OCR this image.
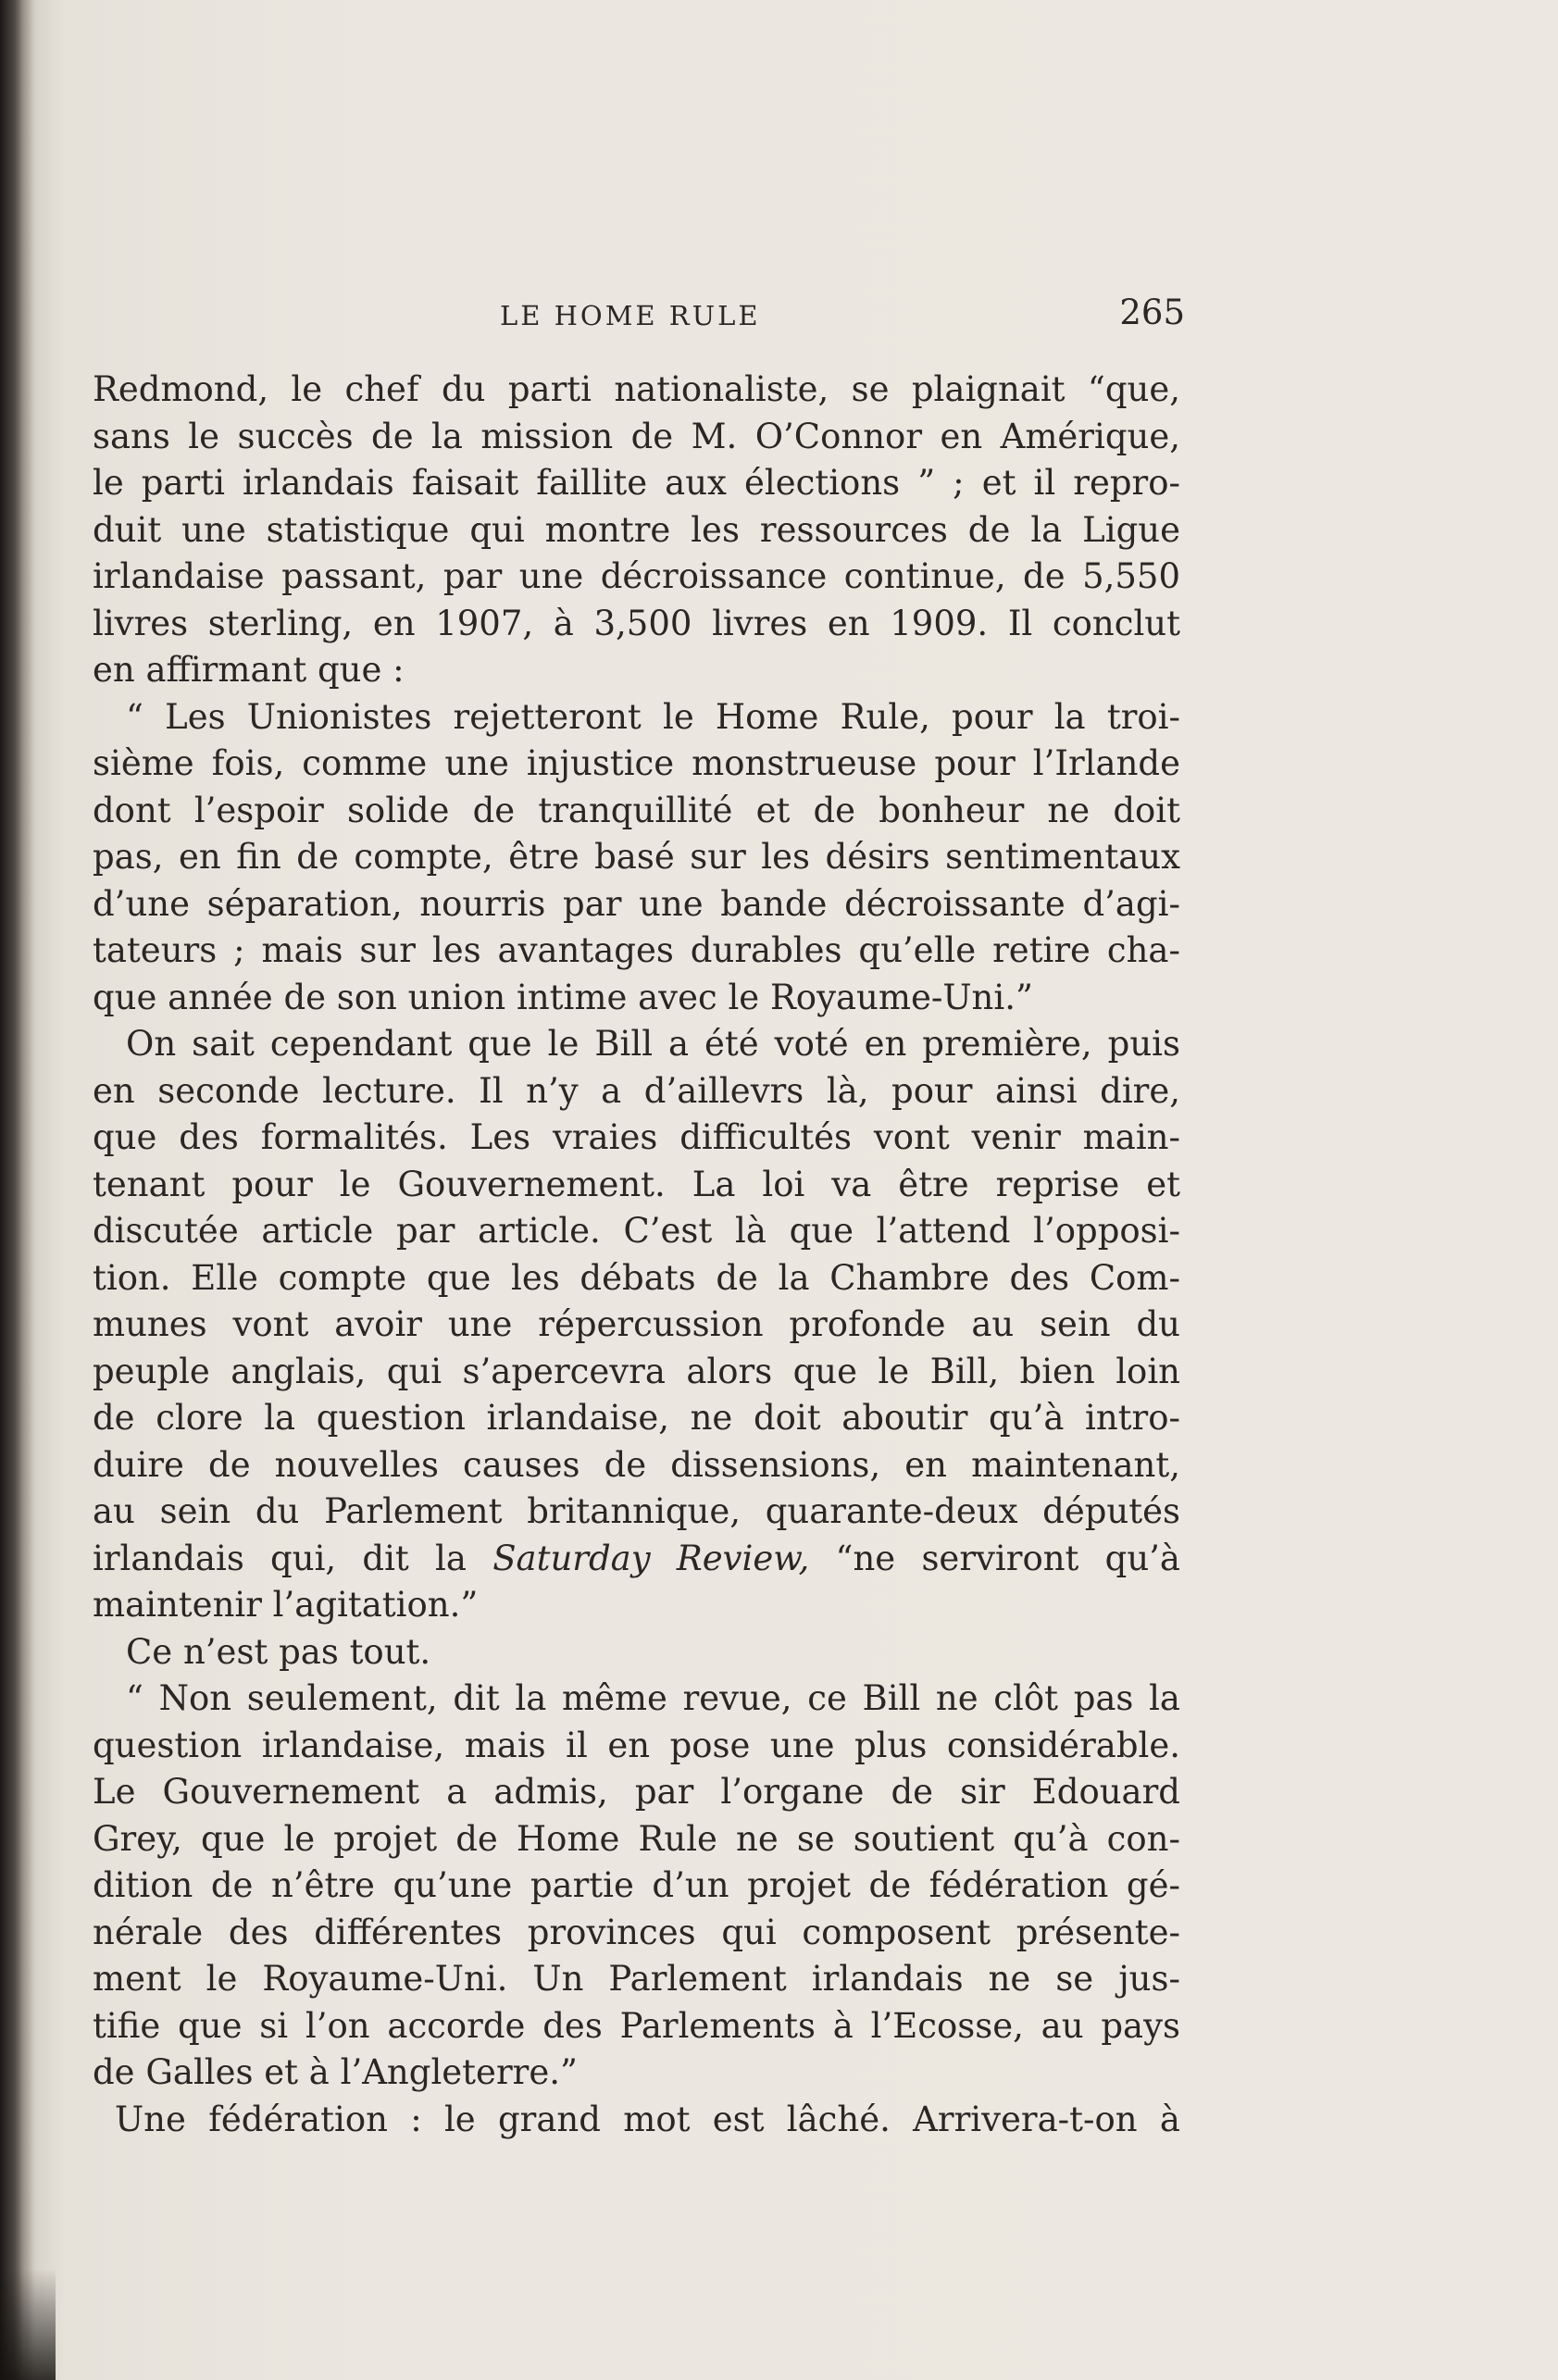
LE HOME RULE	265
Redmond, le chef du parti nationaliste, se plaignait “que,
sans le succès de la mission de M. O’Connor en Amérique,
le parti irlandais faisait faillite aux élections ” ; et il repro-
duit une statistique qui montre les ressources de la Ligue
irlandaise passant, par une décroissance continue, de 5,550
livres sterling, en 1907, à 3,500 livres en 1909. Il conclut
en affirmant que :
“ Les Unionistes rejetteront le Home Rule, pour la troi-
sième fois, comme une injustice monstrueuse pour l’Irlande
dont l’espoir solide de tranquillité et de bonheur ne doit
pas, en fin de compte, être basé sur les désirs sentimentaux
d’une séparation, nourris par une bande décroissante d’agi-
tateurs ; mais sur les avantages durables qu’elle retire cha-
que année de son union intime avec le Royaume-Uni.”
On sait cependant que le Bill a été voté en première, puis
en seconde lecture. Il n’y a d’aillevrs là, pour ainsi dire,
que des formalités. Les vraies difficultés vont venir main-
tenant pour le Gouvernement. La loi va être reprise et
discutée article par article. C’est là que l’attend l’opposi-
tion. Elle compte que les débats de la Chambre des Com-
munes vont avoir une répercussion profonde au sein du
peuple anglais, qui s’apercevra alors que le Bill, bien loin
de clore la question irlandaise, ne doit aboutir qu’à intro-
duire de nouvelles causes de dissensions, en maintenant,
au sein du Parlement britannique, quarante-deux députés
irlandais qui, dit la Saturday Review, “ne serviront qu’à
maintenir l’agitation.”
Ce n’est pas tout.
“ Non seulement, dit la même revue, ce Bill ne clôt pas la
question irlandaise, mais il en pose une plus considérable.
Le Gouvernement a admis, par l’organe de sir Edouard
Grey, que le projet de Home Rule ne se soutient qu’à con-
dition de n’être qu’une partie d’un projet de fédération gé-
nérale des différentes provinces qui composent présente-
ment le Royaume-Uni. Un Parlement irlandais ne se jus-
tifie que si l’on accorde des Parlements à l’Ecosse, au pays
de Galles et à l’Angleterre.”
Une fédération : le grand mot est lâché. Arrivera-t-on à
